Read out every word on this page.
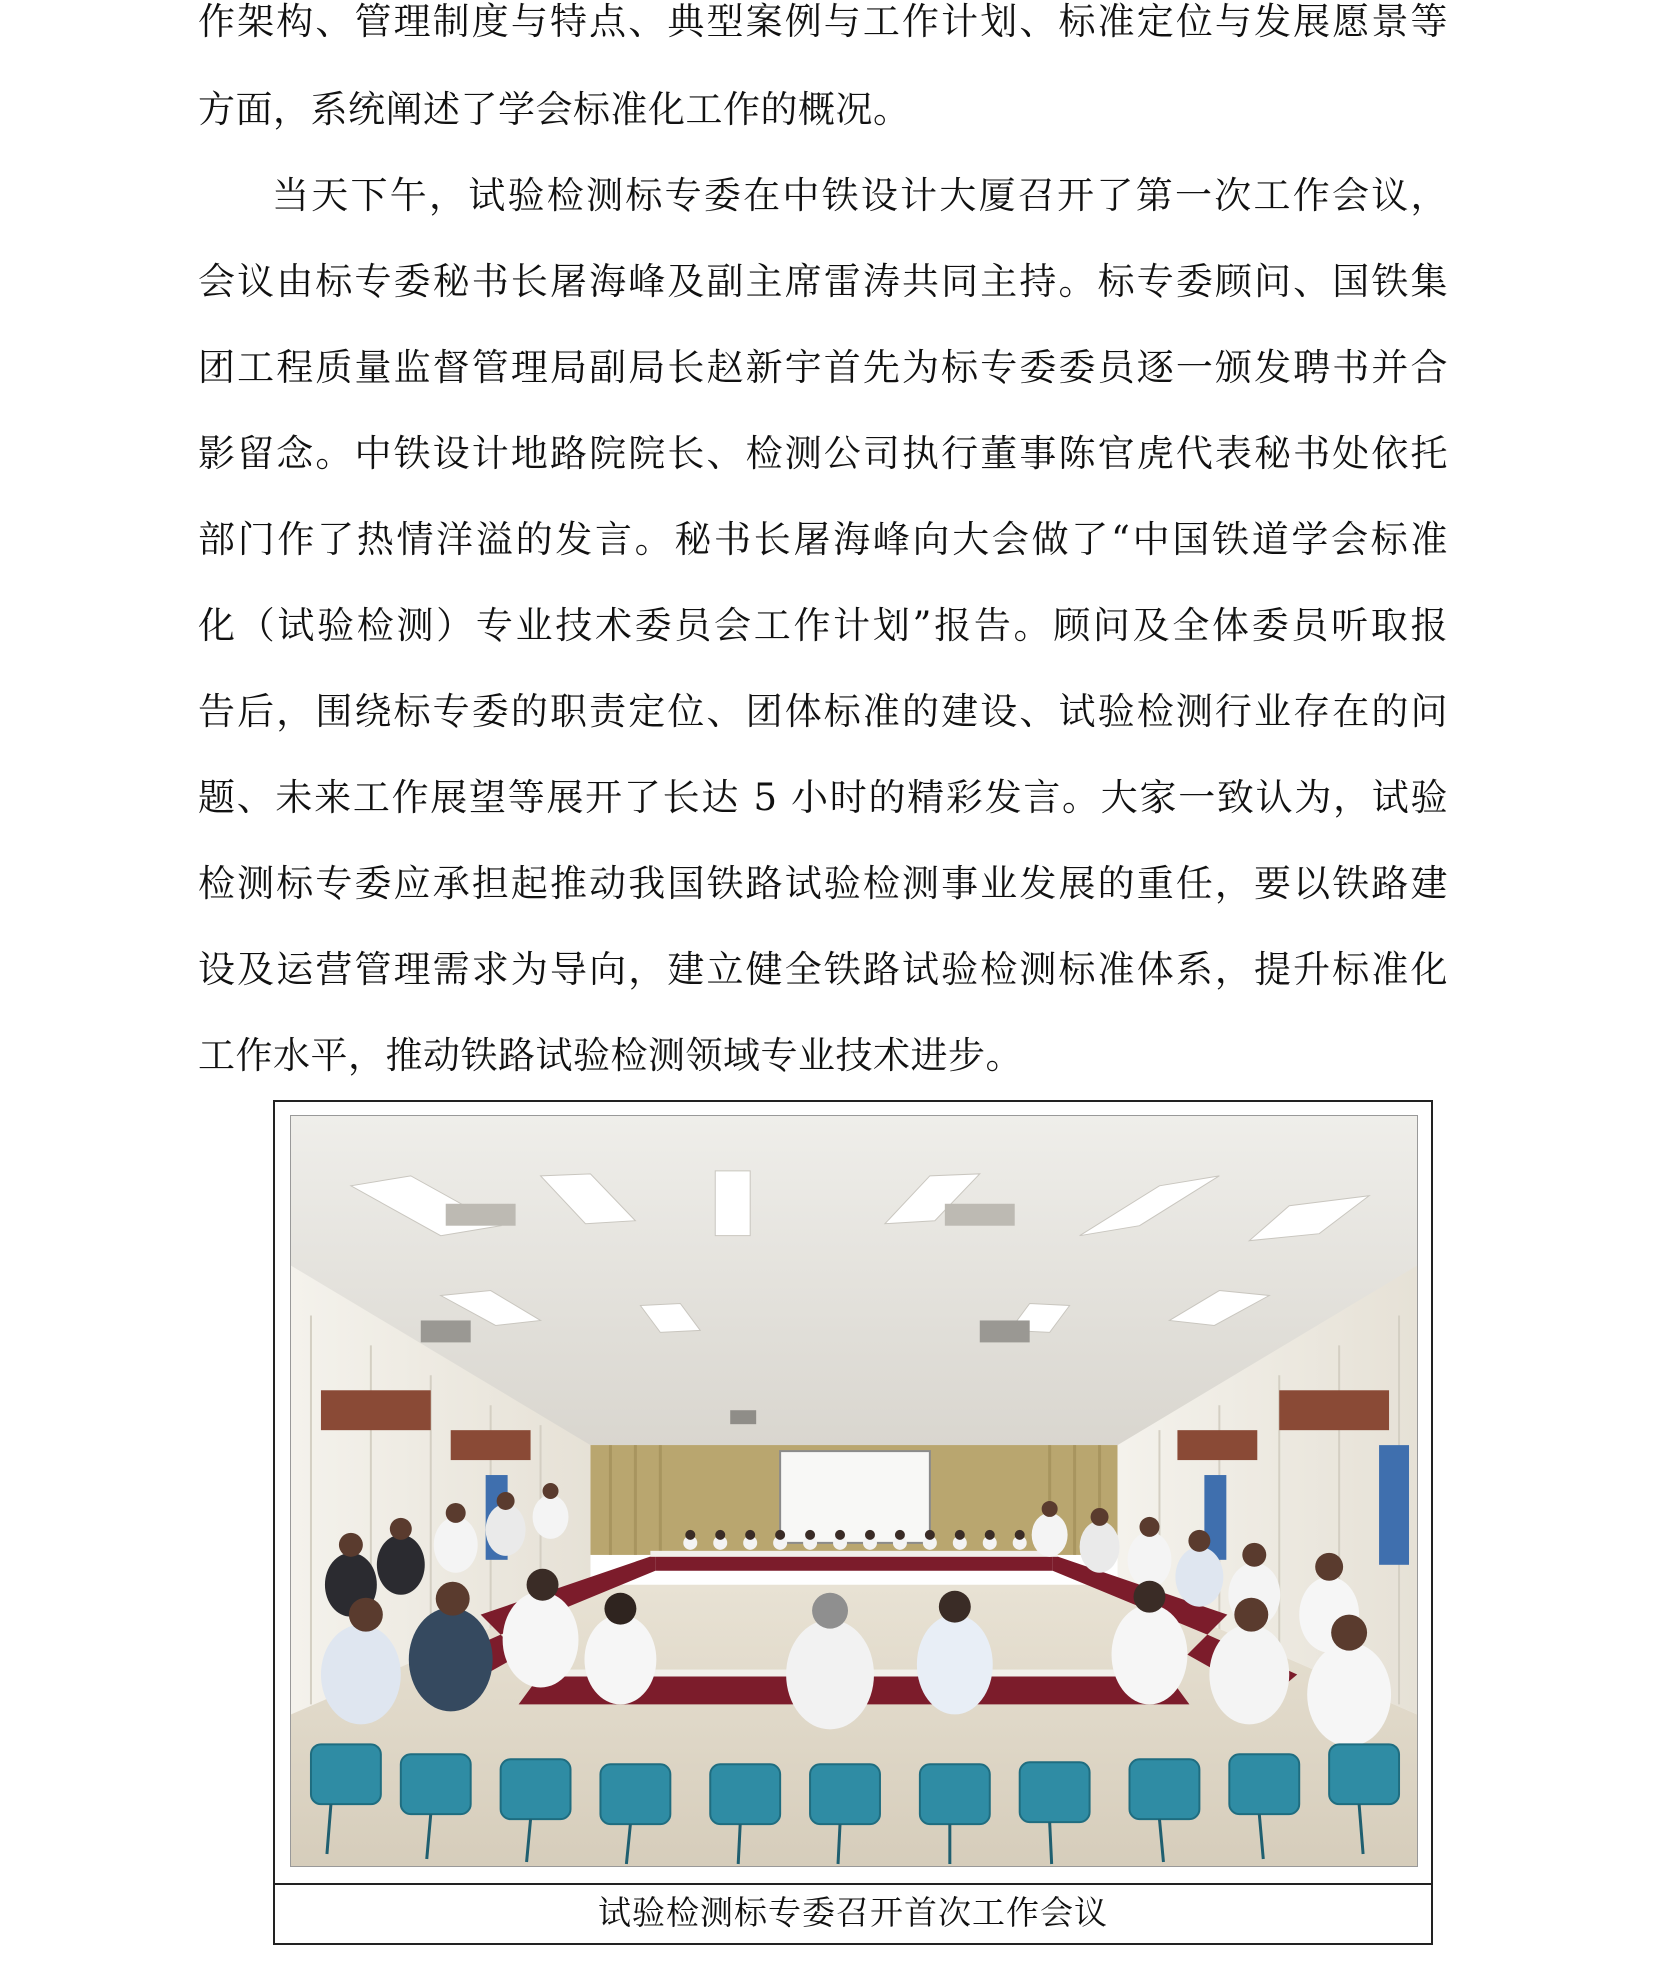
作架构、管理制度与特点、典型案例与工作计划、标准定位与发展愿景等
方面，系统阐述了学会标准化工作的概况。
当天下午，试验检测标专委在中铁设计大厦召开了第一次工作会议，
会议由标专委秘书长屠海峰及副主席雷涛共同主持。标专委顾问、国铁集
团工程质量监督管理局副局长赵新宇首先为标专委委员逐一颁发聘书并合
影留念。中铁设计地路院院长、检测公司执行董事陈官虎代表秘书处依托
部门作了热情洋溢的发言。秘书长屠海峰向大会做了“中国铁道学会标准
化（试验检测）专业技术委员会工作计划”报告。顾问及全体委员听取报
告后，围绕标专委的职责定位、团体标准的建设、试验检测行业存在的问
题、未来工作展望等展开了长达 5 小时的精彩发言。大家一致认为，试验
检测标专委应承担起推动我国铁路试验检测事业发展的重任，要以铁路建
设及运营管理需求为导向，建立健全铁路试验检测标准体系，提升标准化
工作水平，推动铁路试验检测领域专业技术进步。
试验检测标专委召开首次工作会议
